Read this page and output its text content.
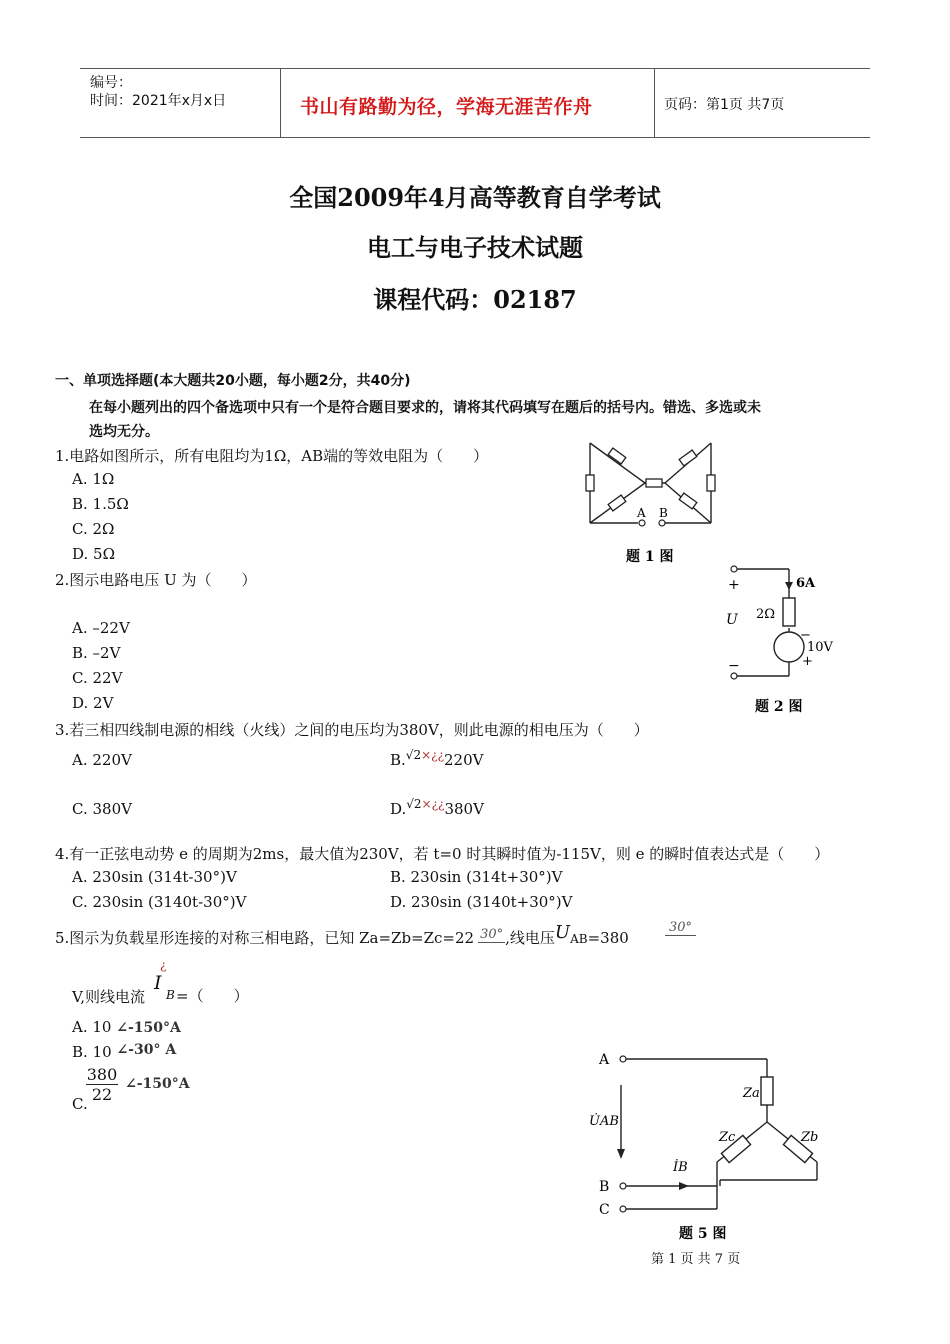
编号：
时间：2021年x月x日	书山有路勤为径，学海无涯苦作舟	页码：第1页 共7页
全国2009年4月高等教育自学考试
电工与电子技术试题
课程代码：02187
一、单项选择题(本大题共20小题，每小题2分，共40分)
在每小题列出的四个备选项中只有一个是符合题目要求的，请将其代码填写在题后的括号内。错选、多选或未
选均无分。
1.电路如图所示，所有电阻均为1Ω，AB端的等效电阻为（　　）
A. 1Ω
B. 1.5Ω
C. 2Ω
D. 5Ω
A B
题 1 图
2.图示电路电压 U 为（　　）
A. –22V
B. –2V
C. 22V
D. 2V
+
U
−
6A
2Ω
−
10V
+
题 2 图
3.若三相四线制电源的相线（火线）之间的电压均为380V，则此电源的相电压为（　　）
A. 220V	B.$^{√2\times¿¿}$220V
C. 380V	D.$^{√2\times¿¿}$380V
4.有一正弦电动势 e 的周期为2ms，最大值为230V，若 t=0 时其瞬时值为-115V，则 e 的瞬时值表达式是（　　）
A. 230sin (314t-30°)V	B. 230sin (314t+30°)V
C. 230sin (3140t-30°)V	D. 230sin (3140t+30°)V
5.图示为负载星形连接的对称三相电路，已知 Za=Zb=Zc=22 30° ,线电压UAB=380
30°
V,则线电流
I
¿
B =（　　）
A. 10 ∠-150°A
B. 10 ∠-30° A
C.
380
22
∠-150°A
A
B
C
Za
Zc	Zb
U̇AB
İB
题 5 图
第 1 页 共 7 页
